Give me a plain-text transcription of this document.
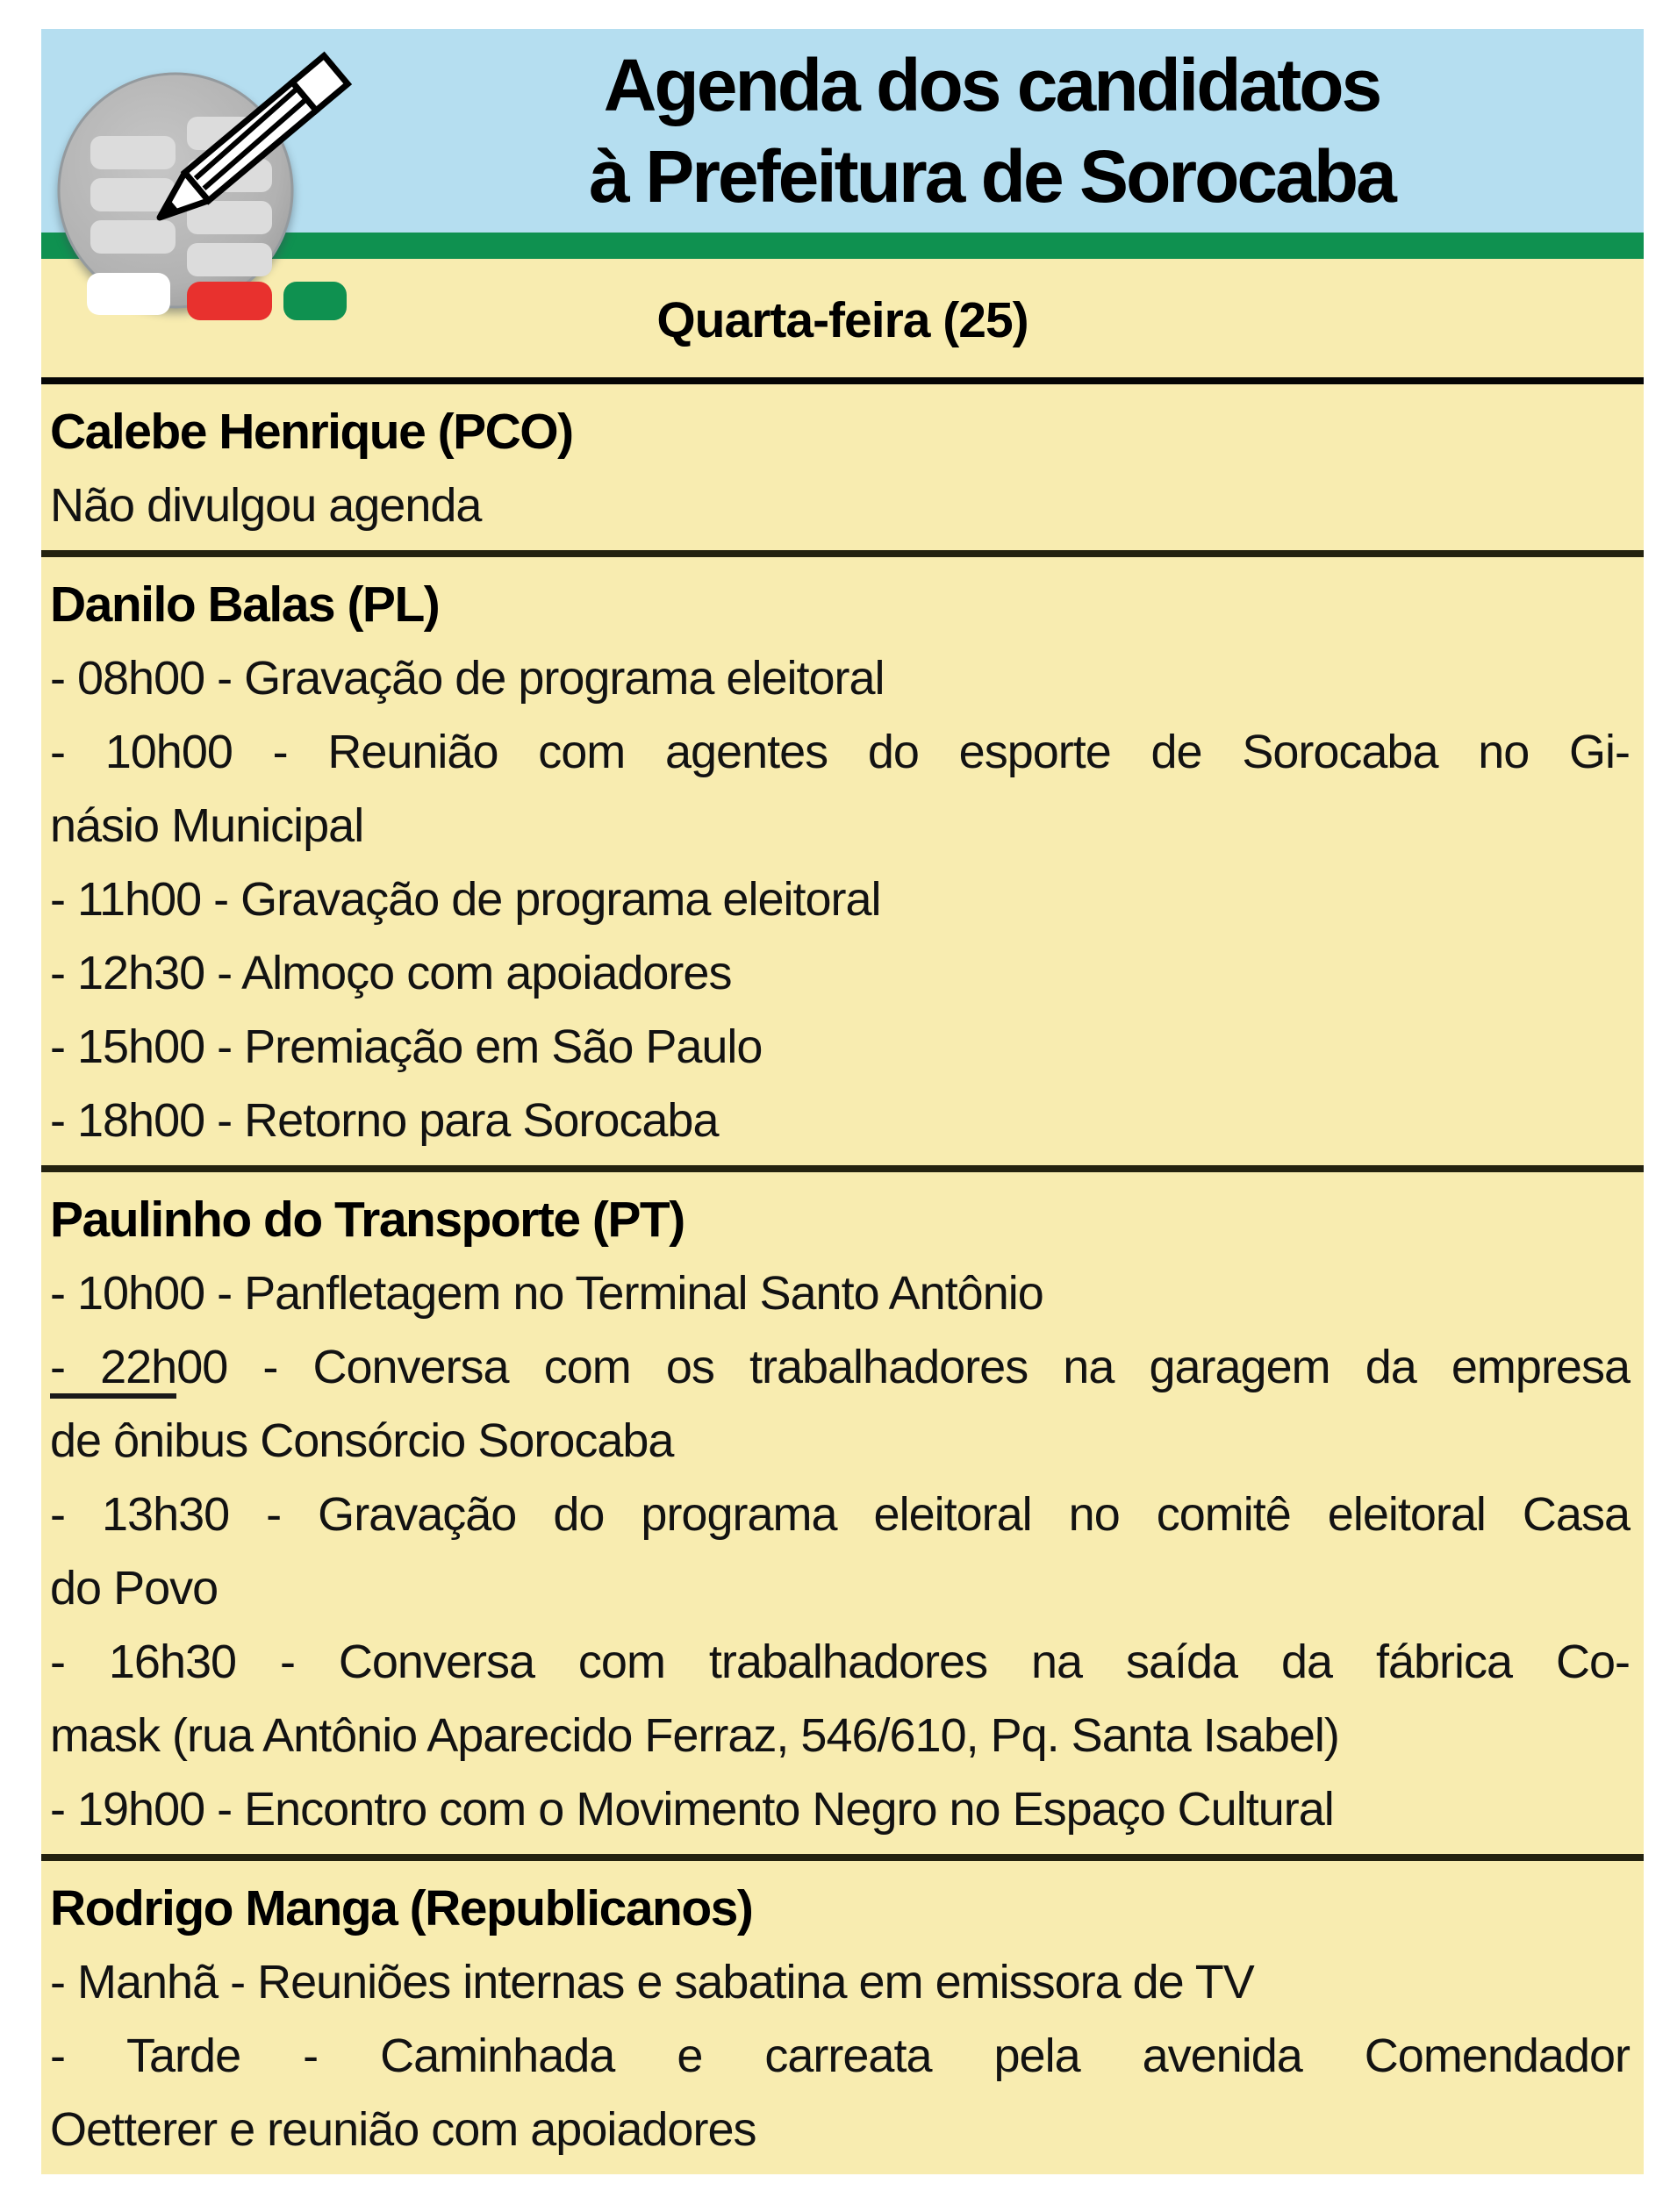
Agenda dos candidatos
à Prefeitura de Sorocaba
Quarta-feira (25)
Calebe Henrique (PCO)
Não divulgou agenda
Danilo Balas (PL)
- 08h00 - Gravação de programa eleitoral
- 10h00 - Reunião com agentes do esporte de Sorocaba no Gi-
násio Municipal
- 11h00 - Gravação de programa eleitoral
- 12h30 - Almoço com apoiadores
- 15h00 - Premiação em São Paulo
- 18h00 - Retorno para Sorocaba
Paulinho do Transporte (PT)
- 10h00 - Panfletagem no Terminal Santo Antônio
- 22h00 - Conversa com os trabalhadores na garagem da empresa
de ônibus Consórcio Sorocaba
- 13h30 - Gravação do programa eleitoral no comitê eleitoral Casa
do Povo
- 16h30 - Conversa com trabalhadores na saída da fábrica Co-
mask (rua Antônio Aparecido Ferraz, 546/610, Pq. Santa Isabel)
- 19h00 - Encontro com o Movimento Negro no Espaço Cultural
Rodrigo Manga (Republicanos)
- Manhã - Reuniões internas e sabatina em emissora de TV
- Tarde - Caminhada e carreata pela avenida Comendador
Oetterer e reunião com apoiadores
